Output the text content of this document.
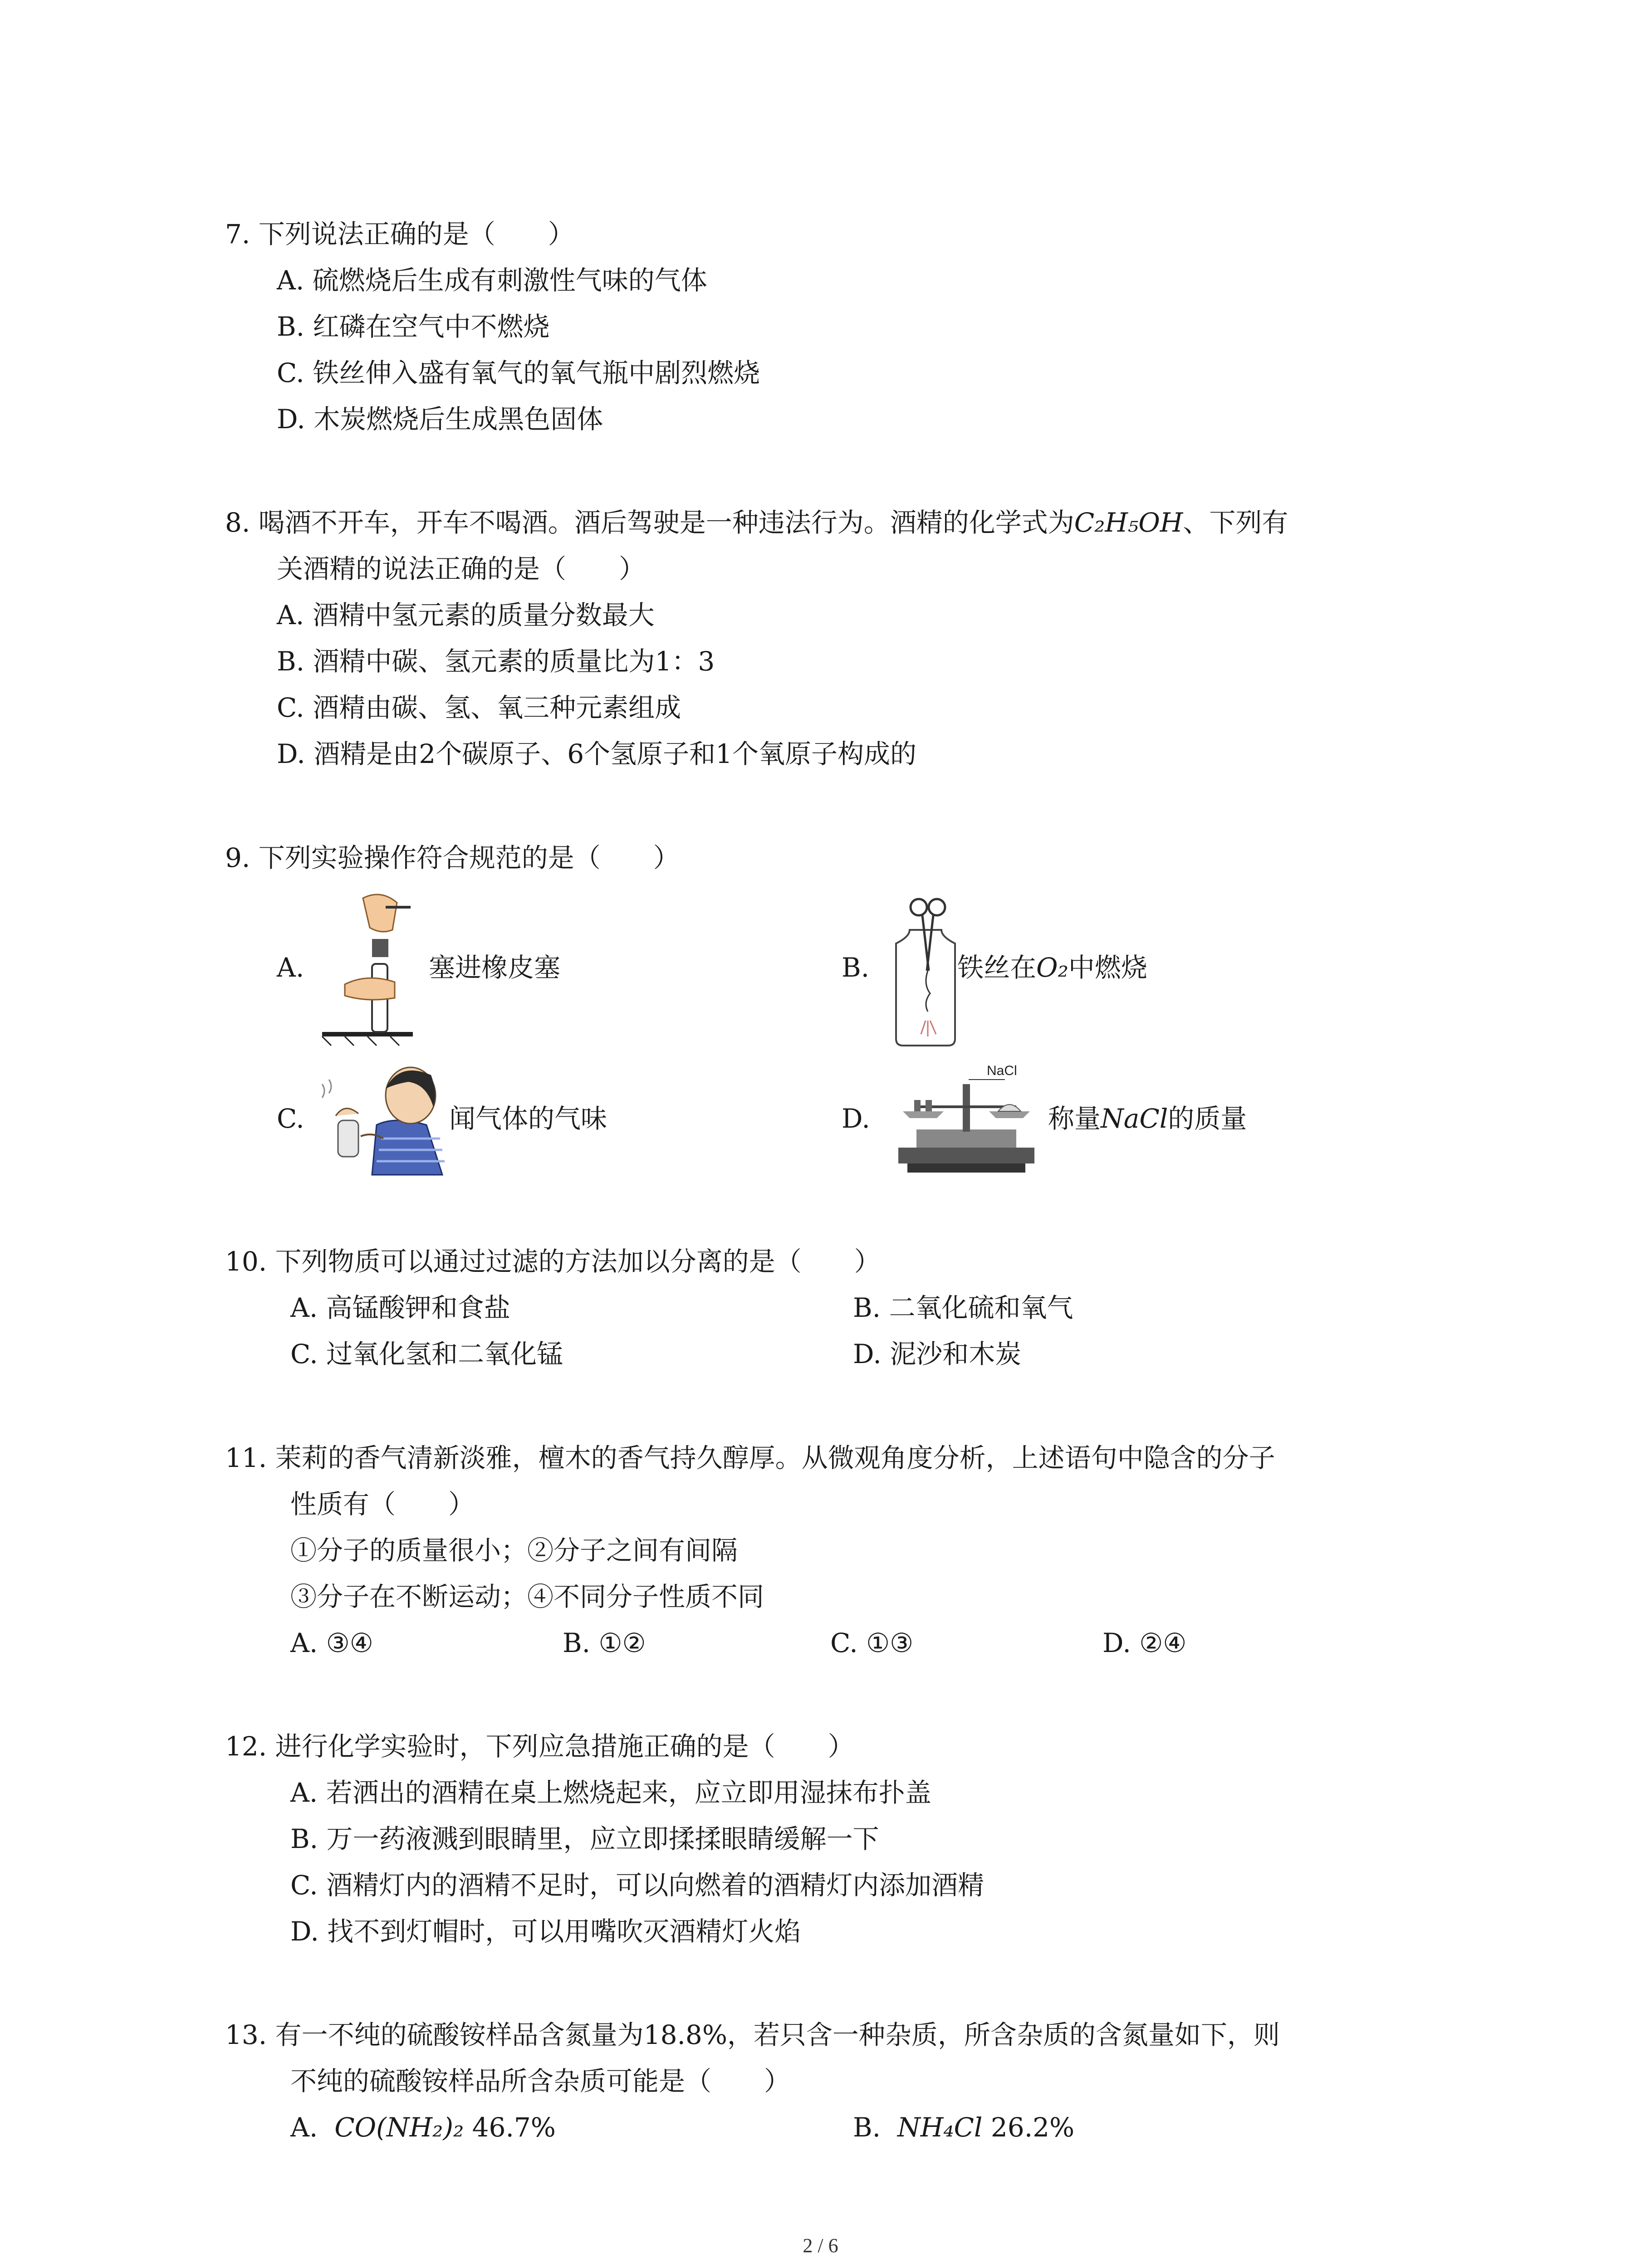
7. 下列说法正确的是（　　）
A. 硫燃烧后生成有刺激性气味的气体
B. 红磷在空气中不燃烧
C. 铁丝伸入盛有氧气的氧气瓶中剧烈燃烧
D. 木炭燃烧后生成黑色固体
8. 喝酒不开车，开车不喝酒。酒后驾驶是一种违法行为。酒精的化学式为C₂H₅OH、下列有
关酒精的说法正确的是（　　）
A. 酒精中氢元素的质量分数最大
B. 酒精中碳、氢元素的质量比为1：3
C. 酒精由碳、氢、氧三种元素组成
D. 酒精是由2个碳原子、6个氢原子和1个氧原子构成的
9. 下列实验操作符合规范的是（　　）
A.	塞进橡皮塞	B.	铁丝在O₂中燃烧
C.	闻气体的气味	D.
NaCl
称量NaCl的质量
10. 下列物质可以通过过滤的方法加以分离的是（　　）
A. 高锰酸钾和食盐	B. 二氧化硫和氧气
C. 过氧化氢和二氧化锰	D. 泥沙和木炭
11. 茉莉的香气清新淡雅，檀木的香气持久醇厚。从微观角度分析，上述语句中隐含的分子
性质有（　　）
①分子的质量很小；②分子之间有间隔
③分子在不断运动；④不同分子性质不同
A. ③④	B. ①②	C. ①③	D. ②④
12. 进行化学实验时，下列应急措施正确的是（　　）
A. 若洒出的酒精在桌上燃烧起来，应立即用湿抹布扑盖
B. 万一药液溅到眼睛里，应立即揉揉眼睛缓解一下
C. 酒精灯内的酒精不足时，可以向燃着的酒精灯内添加酒精
D. 找不到灯帽时，可以用嘴吹灭酒精灯火焰
13. 有一不纯的硫酸铵样品含氮量为18.8%，若只含一种杂质，所含杂质的含氮量如下，则
不纯的硫酸铵样品所含杂质可能是（　　）
A. CO(NH₂)₂ 46.7%	B. NH₄Cl 26.2%
2 / 6
